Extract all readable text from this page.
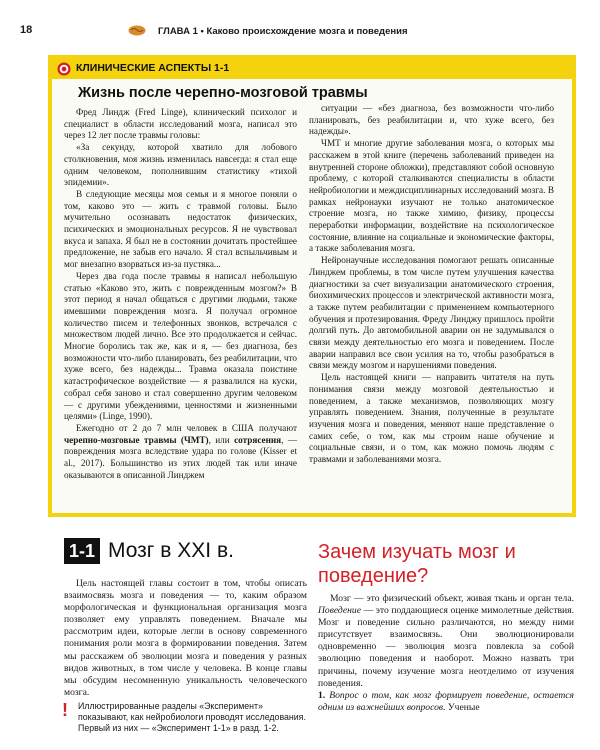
18	ГЛАВА 1 • Каково происхождение мозга и поведения
КЛИНИЧЕСКИЕ АСПЕКТЫ 1-1
Жизнь после черепно-мозговой травмы

Фред Линдж (Fred Linge), клинический психолог и специалист в области исследований мозга, написал это через 12 лет после травмы головы:

«За секунду, которой хватило для лобового столкновения, моя жизнь изменилась навсегда: я стал еще одним человеком, пополнившим статистику «тихой эпидемии».

В следующие месяцы моя семья и я многое поняли о том, каково это — жить с травмой головы. Было мучительно осознавать недостаток физических, психических и эмоциональных ресурсов. Я не чувствовал вкуса и запаха. Я был не в состоянии дочитать простейшее предложение, не забыв его начало. Я стал вспыльчивым и мог внезапно взорваться из-за пустяка...

Через два года после травмы я написал небольшую статью «Каково это, жить с поврежденным мозгом?» В этот период я начал общаться с другими людьми, также имевшими повреждения мозга. Я получал огромное количество писем и телефонных звонков, встречался с множеством людей лично. Все это продолжается и сейчас. Многие боролись так же, как и я, — без диагноза, без возможности что-либо планировать, без реабилитации, что хуже всего, без надежды... Травма оказала поистине катастрофическое воздействие — я развалился на куски, собрал себя заново и стал совершенно другим человеком — с другими убеждениями, ценностями и жизненными целями» (Linge, 1990).

Ежегодно от 2 до 7 млн человек в США получают черепно-мозговые травмы (ЧМТ), или сотрясения, — повреждения мозга вследствие удара по голове (Kisser et al., 2017). Большинство из этих людей так или иначе оказываются в описанной Линджем

ситуации — «без диагноза, без возможности что-либо планировать, без реабилитации и, что хуже всего, без надежды».

ЧМТ и многие другие заболевания мозга, о которых мы расскажем в этой книге (перечень заболеваний приведен на внутренней стороне обложки), представляют собой основную проблему, с которой сталкиваются специалисты в области нейробиологии и междисциплинарных исследований мозга. В рамках нейронауки изучают не только анатомическое строение мозга, но также химию, физику, процессы переработки информации, воздействие на психологическое состояние, влияние на социальные и экономические факторы, а также заболевания мозга.

Нейронаучные исследования помогают решать описанные Линджем проблемы, в том числе путем улучшения качества диагностики за счет визуализации анатомического строения, биохимических процессов и электрической активности мозга, а также путем реабилитации с применением компьютерного обучения и протезирования. Фреду Линджу пришлось пройти долгий путь. До автомобильной аварии он не задумывался о связи между деятельностью его мозга и поведением. После аварии направил все свои усилия на то, чтобы разобраться в связи между мозгом и нарушениями поведения.

Цель настоящей книги — направить читателя на путь понимания связи между мозговой деятельностью и поведением, а также механизмов, позволяющих мозгу управлять поведением. Знания, полученные в результате изучения мозга и поведения, меняют наше представление о самих себе, о том, как мы строим наше обучение и социальные связи, и о том, как можно помочь людям с травмами и заболеваниями мозга.

1-1 Мозг в XXI в.

Цель настоящей главы состоит в том, чтобы описать взаимосвязь мозга и поведения — то, каким образом морфологическая и функциональная организация мозга позволяет ему управлять поведением. Вначале мы рассмотрим идеи, которые легли в основу современного понимания роли мозга в формировании поведения. Затем мы расскажем об эволюции мозга и поведения у разных видов животных, в том числе у человека. В конце главы мы обсудим несомненную уникальность человеческого мозга.

! Иллюстрированные разделы «Эксперимент» показывают, как нейробиологи проводят исследования. Первый из них — «Эксперимент 1-1» в разд. 1-2.
Зачем изучать мозг и поведение?

Мозг — это физический объект, живая ткань и орган тела. Поведение — это поддающиеся оценке мимолетные действия. Мозг и поведение сильно различаются, но между ними присутствует взаимосвязь. Они эволюционировали одновременно — эволюция мозга повлекла за собой эволюцию поведения и наоборот. Можно назвать три причины, почему изучение мозга неотделимо от изучения поведения.

1. Вопрос о том, как мозг формирует поведение, остается одним из важнейших вопросов. Ученые
